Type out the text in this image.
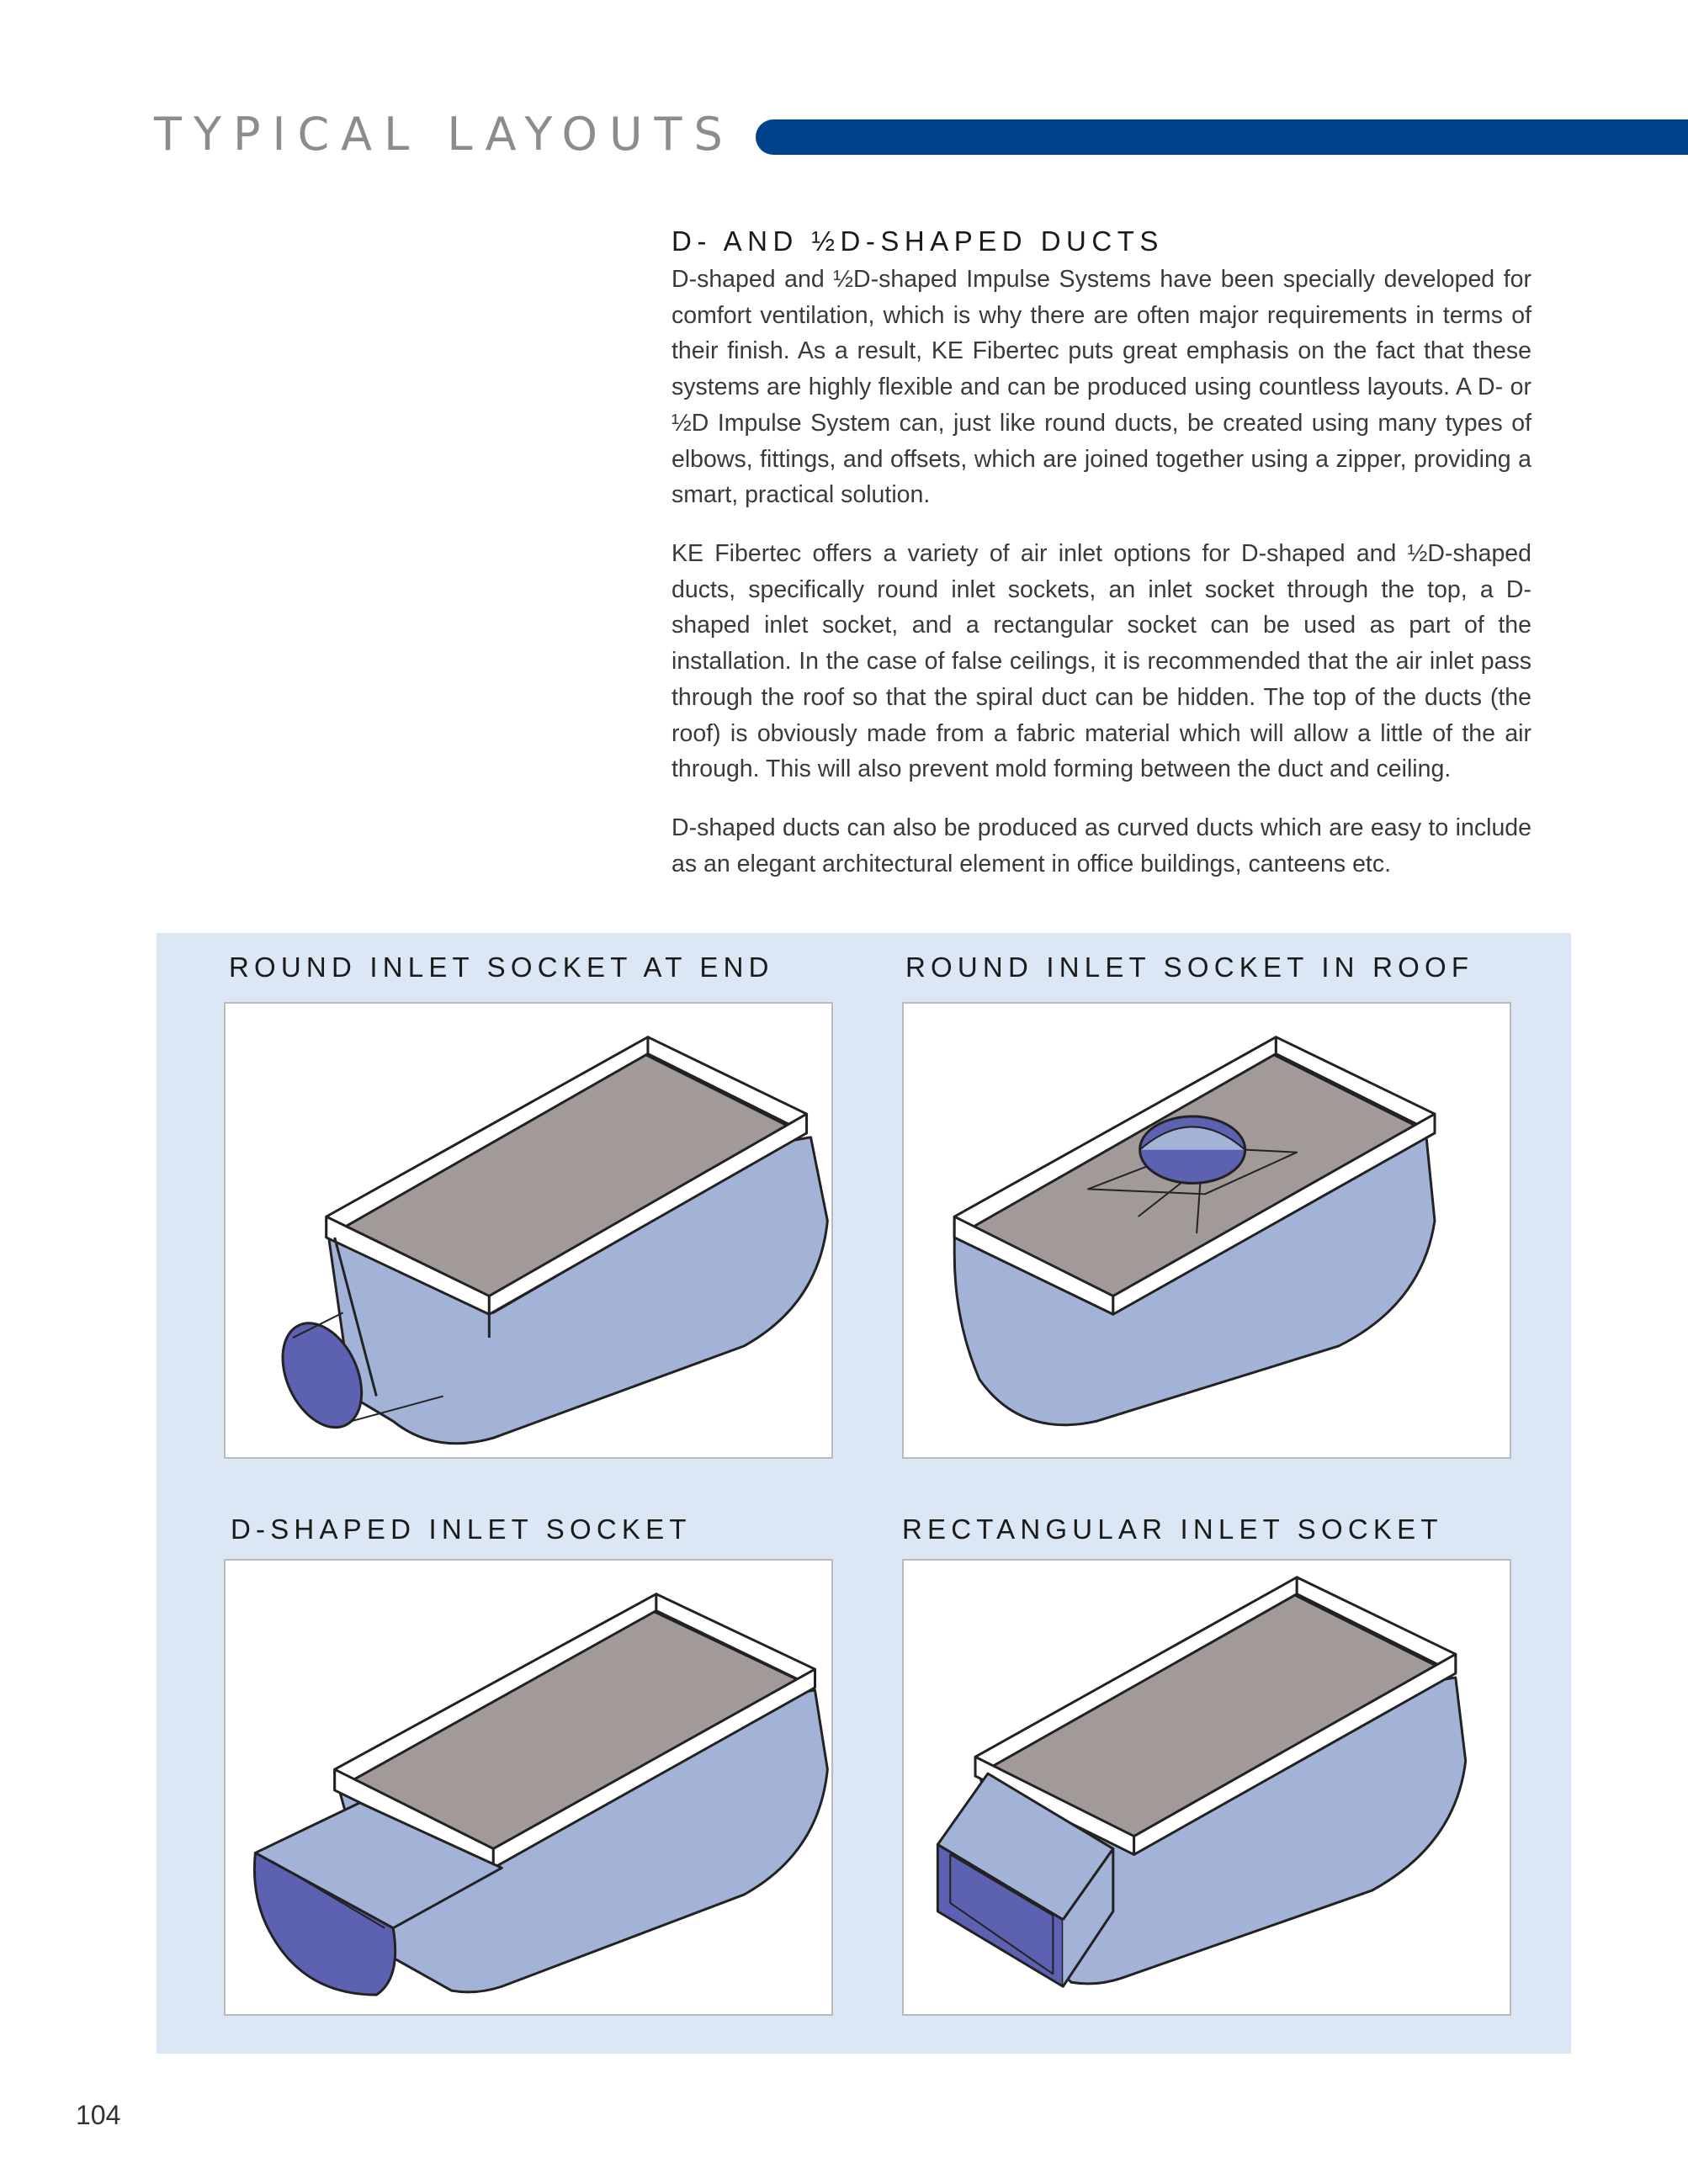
TYPICAL LAYOUTS
D- AND ½D-SHAPED DUCTS

D-shaped and ½D-shaped Impulse Systems have been specially developed for comfort ventilation, which is why there are often major requirements in terms of their finish. As a result, KE Fibertec puts great emphasis on the fact that these systems are highly flexible and can be produced using countless layouts. A D- or ½D Impulse System can, just like round ducts, be created using many types of elbows, fittings, and offsets, which are joined together using a zipper, providing a smart, practical solution.

KE Fibertec offers a variety of air inlet options for D-shaped and ½D-shaped ducts, specifically round inlet sockets, an inlet socket through the top, a D-shaped inlet socket, and a rectangular socket can be used as part of the installation. In the case of false ceilings, it is recommended that the air inlet pass through the roof so that the spiral duct can be hidden. The top of the ducts (the roof) is obviously made from a fabric material which will allow a little of the air through. This will also prevent mold forming between the duct and ceiling.

D-shaped ducts can also be produced as curved ducts which are easy to include as an elegant architectural element in office buildings, canteens etc.

ROUND INLET SOCKET AT END	ROUND INLET SOCKET IN ROOF
D-SHAPED INLET SOCKET	RECTANGULAR INLET SOCKET
104
